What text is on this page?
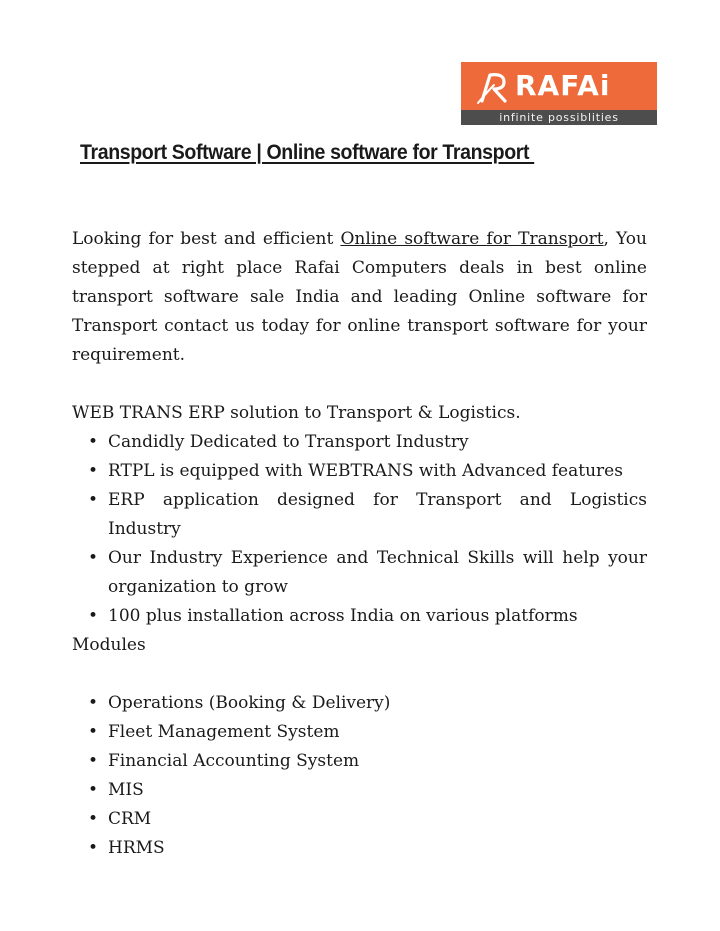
RAFAi
infinite possiblities
Transport Software | Online software for Transport

Looking for best and efficient Online software for Transport, You stepped at right place Rafai Computers deals in best online transport software sale India and leading Online software for Transport contact us today for online transport software for your requirement.

WEB TRANS ERP solution to Transport & Logistics.

• Candidly Dedicated to Transport Industry
• RTPL is equipped with WEBTRANS with Advanced features
• ERP application designed for Transport and Logistics Industry
• Our Industry Experience and Technical Skills will help your organization to grow
• 100 plus installation across India on various platforms

Modules

• Operations (Booking & Delivery)
• Fleet Management System
• Financial Accounting System
• MIS
• CRM
• HRMS
